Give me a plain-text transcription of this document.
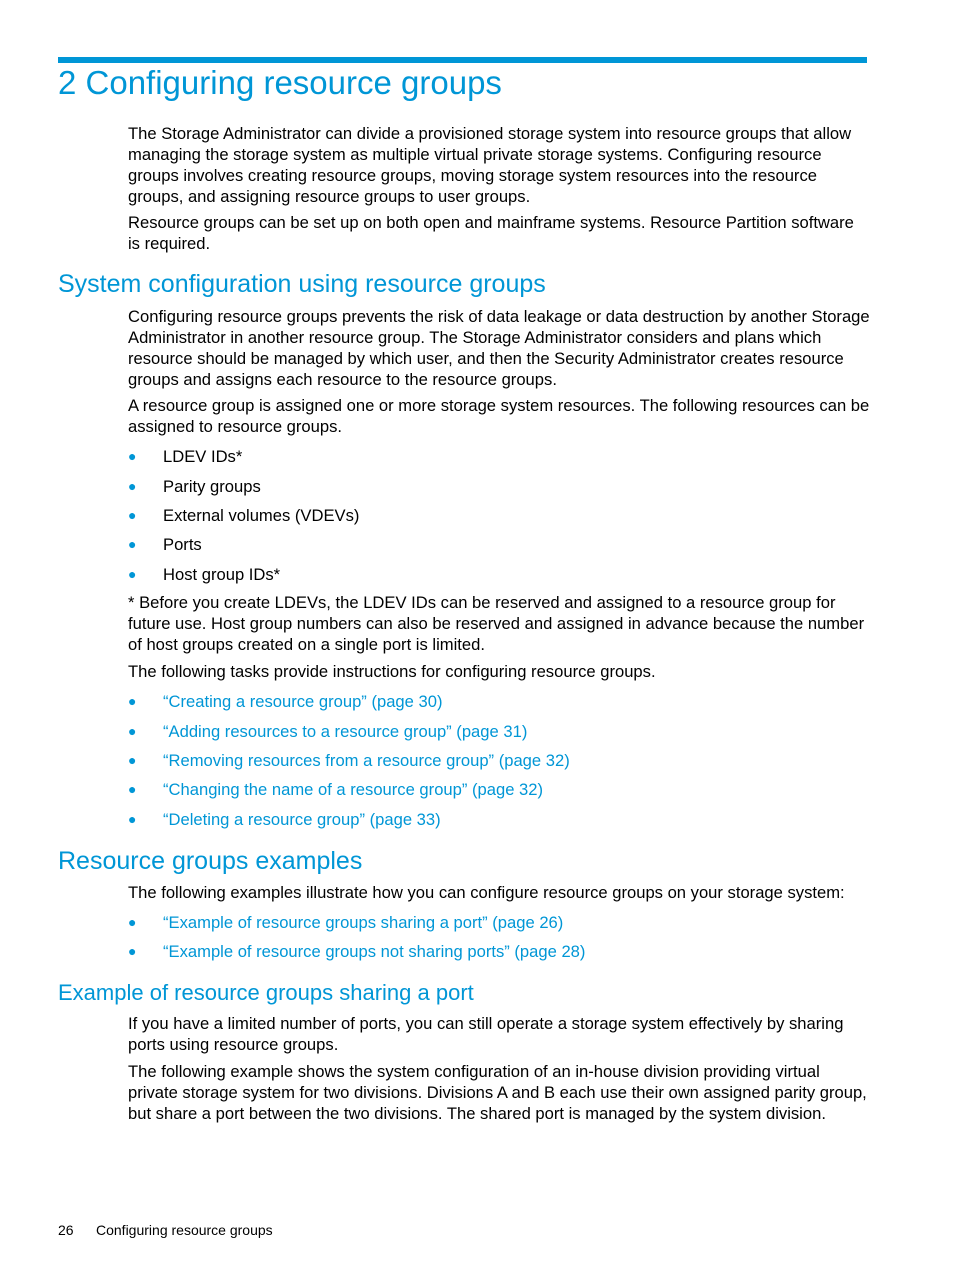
2 Configuring resource groups

The Storage Administrator can divide a provisioned storage system into resource groups that allow managing the storage system as multiple virtual private storage systems. Configuring resource groups involves creating resource groups, moving storage system resources into the resource groups, and assigning resource groups to user groups.

Resource groups can be set up on both open and mainframe systems. Resource Partition software is required.

System configuration using resource groups

Configuring resource groups prevents the risk of data leakage or data destruction by another Storage Administrator in another resource group. The Storage Administrator considers and plans which resource should be managed by which user, and then the Security Administrator creates resource groups and assigns each resource to the resource groups.

A resource group is assigned one or more storage system resources. The following resources can be assigned to resource groups.

● LDEV IDs*
● Parity groups
● External volumes (VDEVs)
● Ports
● Host group IDs*

* Before you create LDEVs, the LDEV IDs can be reserved and assigned to a resource group for future use. Host group numbers can also be reserved and assigned in advance because the number of host groups created on a single port is limited.

The following tasks provide instructions for configuring resource groups.

● “Creating a resource group” (page 30)
● “Adding resources to a resource group” (page 31)
● “Removing resources from a resource group” (page 32)
● “Changing the name of a resource group” (page 32)
● “Deleting a resource group” (page 33)
Resource groups examples

The following examples illustrate how you can configure resource groups on your storage system:

● “Example of resource groups sharing a port” (page 26)
● “Example of resource groups not sharing ports” (page 28)
Example of resource groups sharing a port

If you have a limited number of ports, you can still operate a storage system effectively by sharing ports using resource groups.

The following example shows the system configuration of an in-house division providing virtual private storage system for two divisions. Divisions A and B each use their own assigned parity group, but share a port between the two divisions. The shared port is managed by the system division.

26 Configuring resource groups
